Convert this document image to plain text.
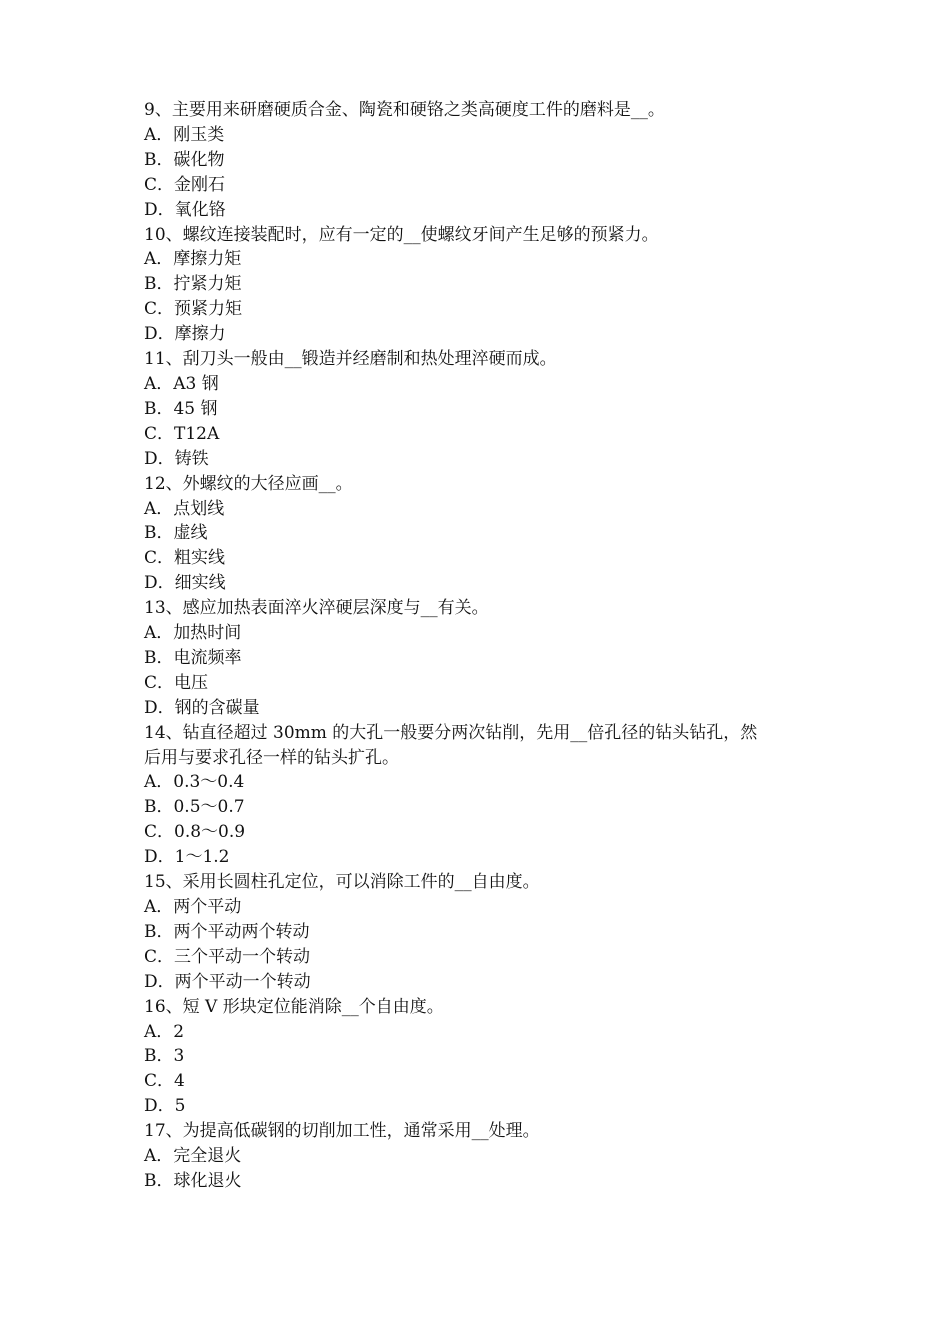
9、主要用来研磨硬质合金、陶瓷和硬铬之类高硬度工件的磨料是__。

A．刚玉类

B．碳化物

C．金刚石

D．氧化铬

10、螺纹连接装配时，应有一定的__使螺纹牙间产生足够的预紧力。

A．摩擦力矩

B．拧紧力矩

C．预紧力矩

D．摩擦力

11、刮刀头一般由__锻造并经磨制和热处理淬硬而成。

A．A3 钢

B．45 钢

C．T12A

D．铸铁

12、外螺纹的大径应画__。

A．点划线

B．虚线

C．粗实线

D．细实线

13、感应加热表面淬火淬硬层深度与__有关。

A．加热时间

B．电流频率

C．电压

D．钢的含碳量

14、钻直径超过 30mm 的大孔一般要分两次钻削，先用__倍孔径的钻头钻孔，然

后用与要求孔径一样的钻头扩孔。

A．0.3～0.4

B．0.5～0.7

C．0.8～0.9

D．1～1.2

15、采用长圆柱孔定位，可以消除工件的__自由度。

A．两个平动

B．两个平动两个转动

C．三个平动一个转动

D．两个平动一个转动

16、短 V 形块定位能消除__个自由度。

A．2

B．3

C．4

D．5

17、为提高低碳钢的切削加工性，通常采用__处理。

A．完全退火

B．球化退火
